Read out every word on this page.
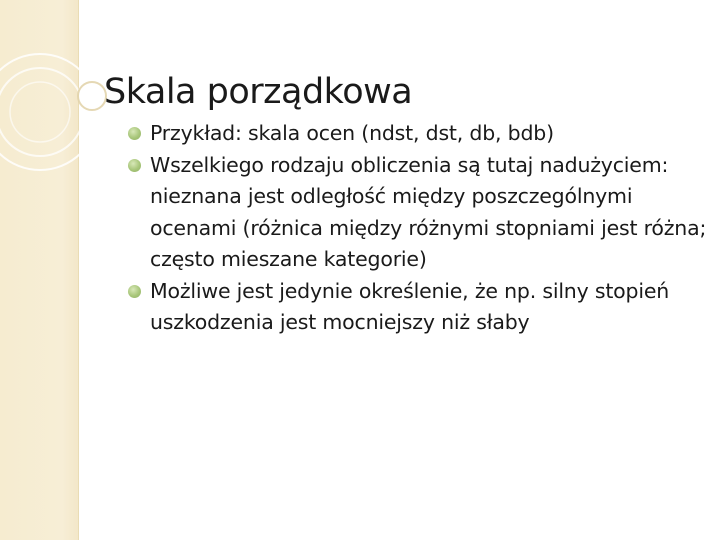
Skala porządkowa
Przykład: skala ocen (ndst, dst, db, bdb)
Wszelkiego rodzaju obliczenia są tutaj nadużyciem: nieznana jest odległość między poszczególnymi ocenami (różnica między różnymi stopniami jest różna; często mieszane kategorie)
Możliwe jest jedynie określenie, że np. silny stopień uszkodzenia jest mocniejszy niż słaby
